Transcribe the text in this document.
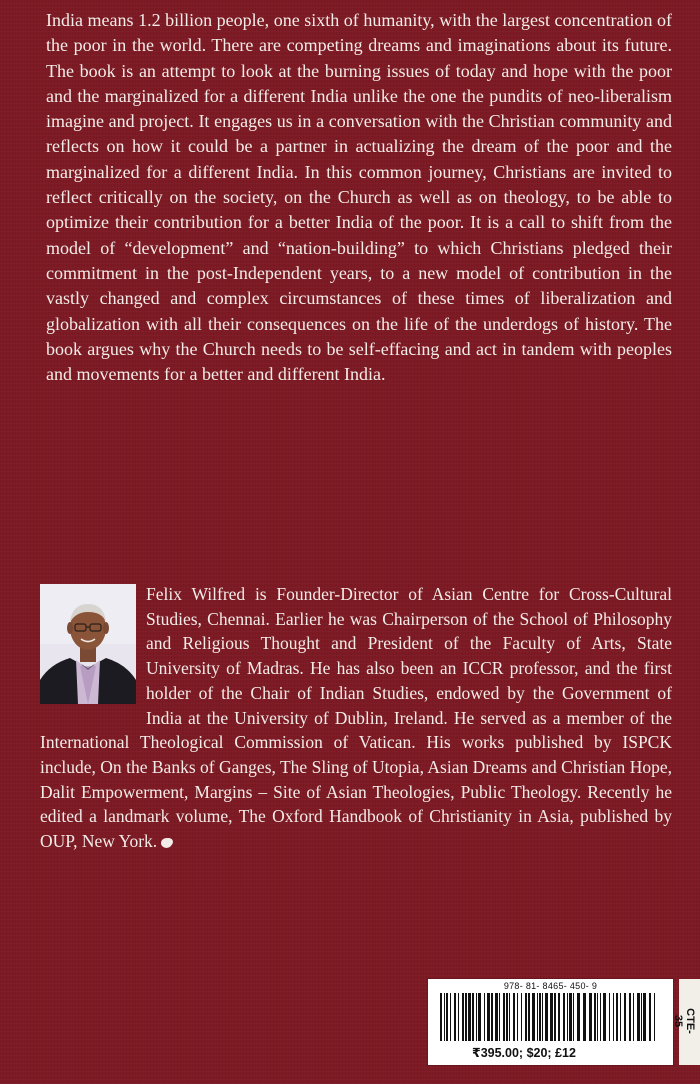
India means 1.2 billion people, one sixth of humanity, with the largest concentration of the poor in the world. There are competing dreams and imaginations about its future. The book is an attempt to look at the burning issues of today and hope with the poor and the marginalized for a different India unlike the one the pundits of neo-liberalism imagine and project. It engages us in a conversation with the Christian community and reflects on how it could be a partner in actualizing the dream of the poor and the marginalized for a different India. In this common journey, Christians are invited to reflect critically on the society, on the Church as well as on theology, to be able to optimize their contribution for a better India of the poor. It is a call to shift from the model of “development” and “nation-building” to which Christians pledged their commitment in the post-Independent years, to a new model of contribution in the vastly changed and complex circumstances of these times of liberalization and globalization with all their consequences on the life of the underdogs of history. The book argues why the Church needs to be self-effacing and act in tandem with peoples and movements for a better and different India.

Felix Wilfred is Founder-Director of Asian Centre for Cross-Cultural Studies, Chennai. Earlier he was Chairperson of the School of Philosophy and Religious Thought and President of the Faculty of Arts, State University of Madras. He has also been an ICCR professor, and the first holder of the Chair of Indian Studies, endowed by the Government of India at the University of Dublin, Ireland. He served as a member of the International Theological Commission of Vatican. His works published by ISPCK include, On the Banks of Ganges, The Sling of Utopia, Asian Dreams and Christian Hope, Dalit Empowerment, Margins – Site of Asian Theologies, Public Theology. Recently he edited a landmark volume, The Oxford Handbook of Christianity in Asia, published by OUP, New York.

978- 81- 8465- 450- 9
₹395.00; $20; £12
CTE-35
